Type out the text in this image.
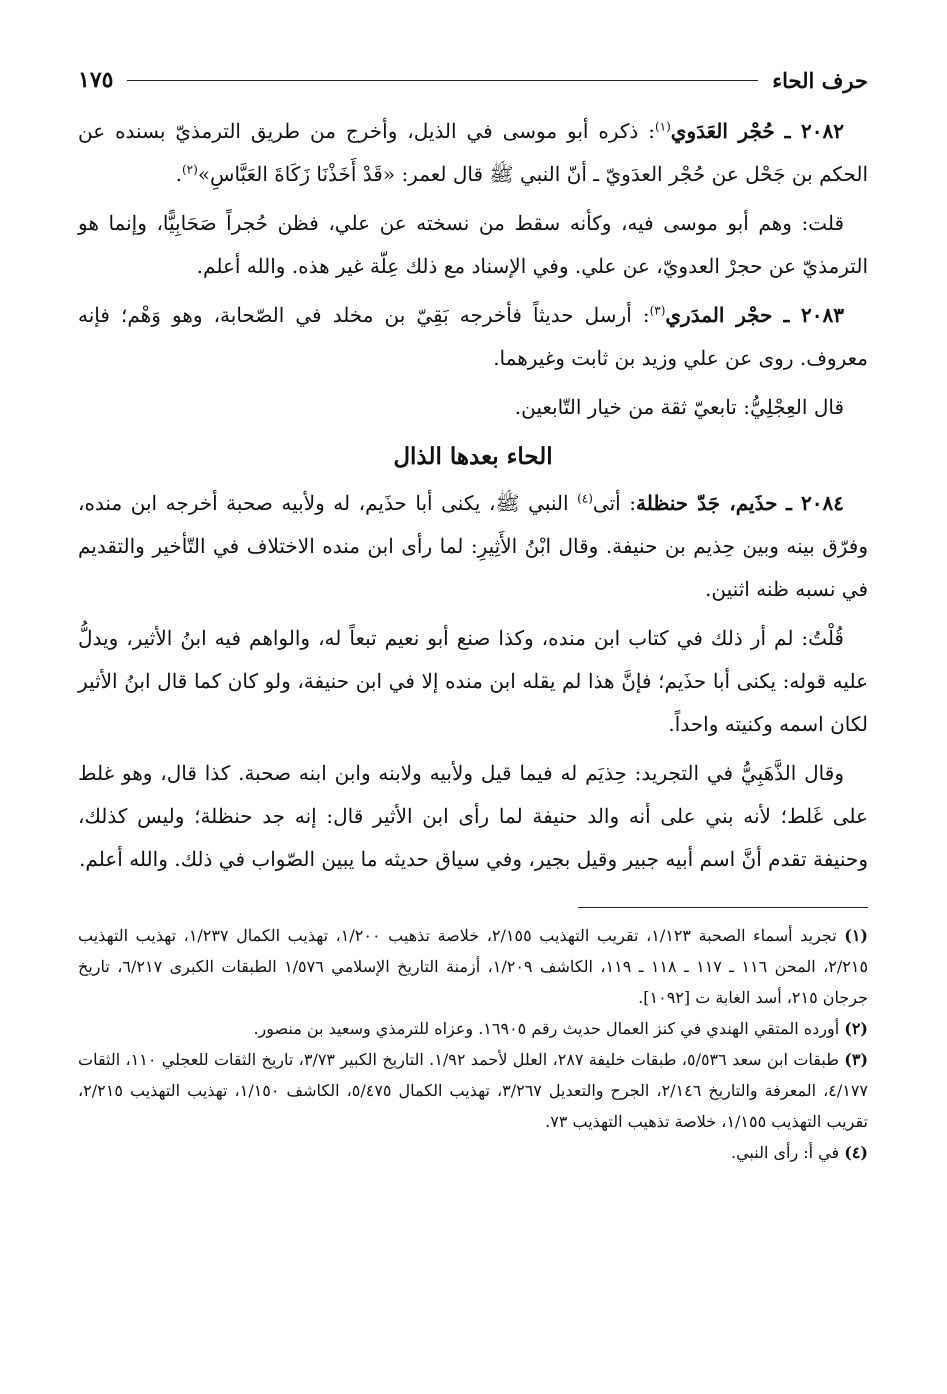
حرف الحاء
١٧٥

٢٠٨٢ ـ حُجْر العَدَوي$^{(١)}$: ذكره أبو موسى في الذيل، وأخرج من طريق الترمذيّ بسنده عن الحكم بن جَحْل عن حُجْر العدَويّ ـ أنّ النبي ﷺ قال لعمر: «قَدْ أَخَذْنَا زَكَاةَ العَبَّاسِ»$^{(٢)}$.

قلت: وهم أبو موسى فيه، وكأنه سقط من نسخته عن علي، فظن حُجراً صَحَابِيًّا، وإنما هو الترمذيّ عن حجرْ العدويّ، عن علي. وفي الإسناد مع ذلك عِلّة غير هذه. والله أعلم.

٢٠٨٣ ـ حجْر المدَري$^{(٣)}$: أرسل حديثاً فأخرجه بَقِيّ بن مخلد في الصّحابة، وهو وَهْم؛ فإنه معروف. روى عن علي وزيد بن ثابت وغيرهما.

قال العِجْلِيُّ: تابعيّ ثقة من خيار التّابعين.

الحاء بعدها الذال

٢٠٨٤ ـ حذَيم، جَدّ حنظلة: أتى$^{(٤)}$ النبي ﷺ، يكنى أبا حذَيم، له ولأبيه صحبة أخرجه ابن منده، وفرّق بينه وبين حِذيم بن حنيفة. وقال ابْنُ الأَثِيرِ: لما رأى ابن منده الاختلاف في التّأخير والتقديم في نسبه ظنه اثنين.

قُلْتُ: لم أر ذلك في كتاب ابن منده، وكذا صنع أبو نعيم تبعاً له، والواهم فيه ابنُ الأثير، ويدلُّ عليه قوله: يكنى أبا حذَيم؛ فإنَّ هذا لم يقله ابن منده إلا في ابن حنيفة، ولو كان كما قال ابنُ الأثير لكان اسمه وكنيته واحداً.

وقال الذَّهَبِيُّ في التجريد: حِذيَم له فيما قيل ولأبيه ولابنه وابن ابنه صحبة. كذا قال، وهو غلط على غَلط؛ لأنه بني على أنه والد حنيفة لما رأى ابن الأثير قال: إنه جد حنظلة؛ وليس كذلك، وحنيفة تقدم أنَّ اسم أبيه جبير وقيل بجير، وفي سياق حديثه ما يبين الصّواب في ذلك. والله أعلم.

(١) تجريد أسماء الصحبة ١/١٢٣، تقريب التهذيب ٢/١٥٥، خلاصة تذهيب ١/٢٠٠، تهذيب الكمال ١/٢٣٧، تهذيب التهذيب ٢/٢١٥، المحن ١١٦ ـ ١١٧ ـ ١١٨ ـ ١١٩، الكاشف ١/٢٠٩، أزمنة التاريخ الإسلامي ١/٥٧٦ الطبقات الكبرى ٦/٢١٧، تاريخ جرجان ٢١٥، أسد الغابة ت [١٠٩٢].

(٢) أورده المتقي الهندي في كنز العمال حديث رقم ١٦٩٠٥. وعزاه للترمذي وسعيد بن منصور.

(٣) طبقات ابن سعد ٥/٥٣٦، طبقات خليفة ٢٨٧، العلل لأحمد ١/٩٢. التاريخ الكبير ٣/٧٣، تاريخ الثقات للعجلي ١١٠، الثقات ٤/١٧٧، المعرفة والتاريخ ٢/١٤٦، الجرح والتعديل ٣/٢٦٧، تهذيب الكمال ٥/٤٧٥، الكاشف ١/١٥٠، تهذيب التهذيب ٢/٢١٥، تقريب التهذيب ١/١٥٥، خلاصة تذهيب التهذيب ٧٣.

(٤) في أ: رأى النبي.
